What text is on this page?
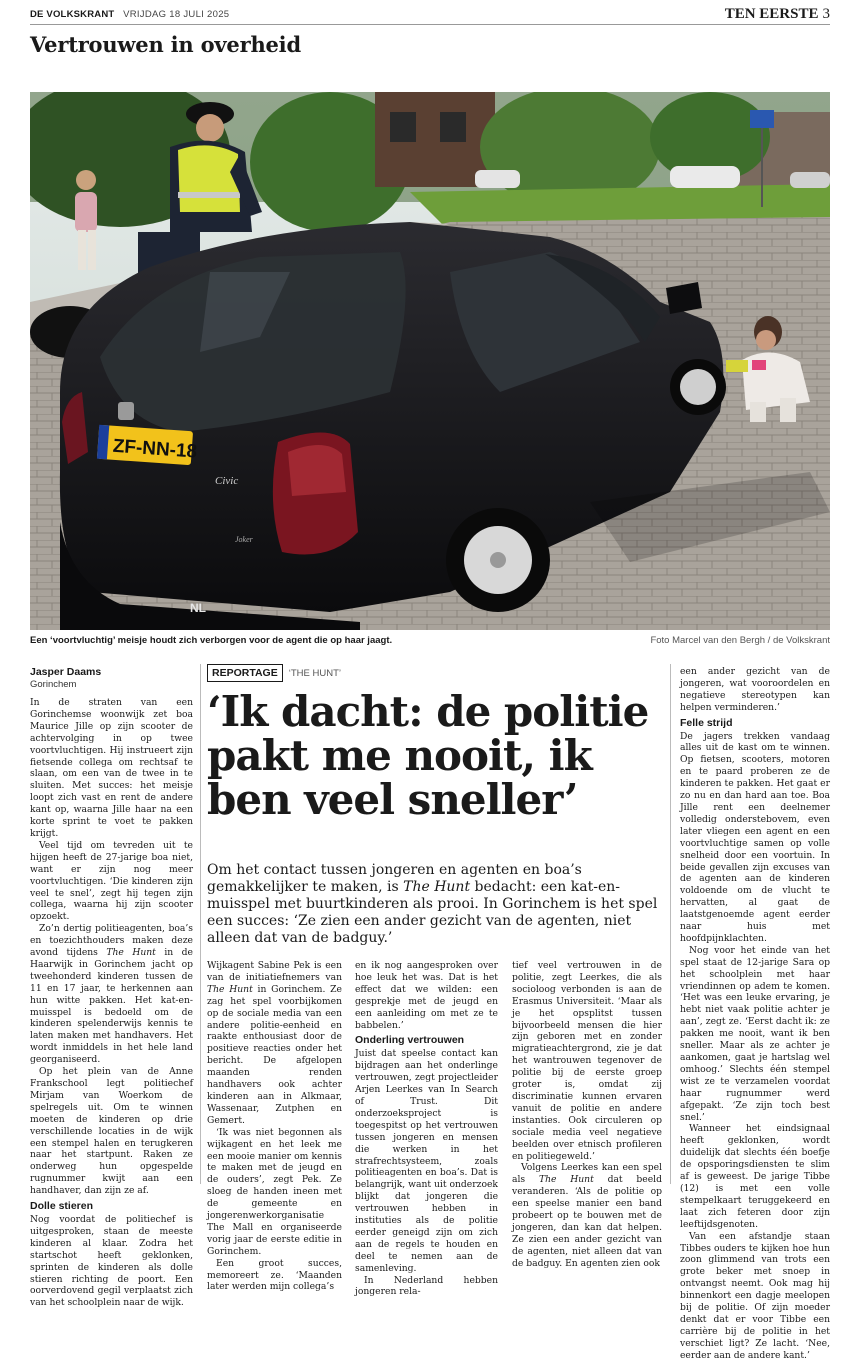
DE VOLKSKRANT VRIJDAG 18 JULI 2025	TEN EERSTE 3
Vertrouwen in overheid
ZF-NN-18
Civic
Joker
NL
Een ‘voortvluchtig’ meisje houdt zich verborgen voor de agent die op haar jaagt.	Foto Marcel van den Bergh / de Volkskrant
Jasper Daams
Gorinchem

In de straten van een Gorinchemse woonwijk zet boa Maurice Jille op zijn scooter de achtervolging in op twee voortvluchtigen. Hij instrueert zijn fietsende collega om rechtsaf te slaan, om een van de twee in te sluiten. Met succes: het meisje loopt zich vast en rent de andere kant op, waarna Jille haar na een korte sprint te voet te pakken krijgt.

Veel tijd om tevreden uit te hijgen heeft de 27-jarige boa niet, want er zijn nog meer voortvluchtigen. ‘Die kinderen zijn veel te snel’, zegt hij tegen zijn collega, waarna hij zijn scooter opzoekt.

Zo’n dertig politieagenten, boa’s en toezichthouders maken deze avond tijdens The Hunt in de Haarwijk in Gorinchem jacht op tweehonderd kinderen tussen de 11 en 17 jaar, te herkennen aan hun witte pakken. Het kat-en-muisspel is bedoeld om de kinderen spelenderwijs kennis te laten maken met handhavers. Het wordt inmiddels in het hele land georganiseerd.

Op het plein van de Anne Frankschool legt politiechef Mirjam van Woerkom de spelregels uit. Om te winnen moeten de kinderen op drie verschillende locaties in de wijk een stempel halen en terugkeren naar het startpunt. Raken ze onderweg hun opgespelde rugnummer kwijt aan een handhaver, dan zijn ze af.

Dolle stieren

Nog voordat de politiechef is uitgesproken, staan de meeste kinderen al klaar. Zodra het startschot heeft geklonken, sprinten de kinderen als dolle stieren richting de poort. Een oorverdovend gegil verplaatst zich van het schoolplein naar de wijk.

REPORTAGE	‘THE HUNT’
‘Ik dacht: de politie pakt me nooit, ik ben veel sneller’
Om het contact tussen jongeren en agenten en boa’s gemakkelijker te maken, is The Hunt bedacht: een kat-en-muisspel met buurtkinderen als prooi. In Gorinchem is het spel een succes: ‘Ze zien een ander gezicht van de agenten, niet alleen dat van de badguy.’

Wijkagent Sabine Pek is een van de initiatiefnemers van The Hunt in Gorinchem. Ze zag het spel voorbijkomen op de sociale media van een andere politie-eenheid en raakte enthousiast door de positieve reacties onder het bericht. De afgelopen maanden renden handhavers ook achter kinderen aan in Alkmaar, Wassenaar, Zutphen en Gemert.

‘Ik was niet begonnen als wijkagent en het leek me een mooie manier om kennis te maken met de jeugd en de ouders’, zegt Pek. Ze sloeg de handen ineen met de gemeente en jongerenwerkorganisatie The Mall en organiseerde vorig jaar de eerste editie in Gorinchem.

Een groot succes, memoreert ze. ‘Maanden later werden mijn collega’s

en ik nog aangesproken over hoe leuk het was. Dat is het effect dat we wilden: een gesprekje met de jeugd en een aanleiding om met ze te babbelen.’

Onderling vertrouwen

Juist dat speelse contact kan bijdragen aan het onderlinge vertrouwen, zegt projectleider Arjen Leerkes van In Search of Trust. Dit onderzoeksproject is toegespitst op het vertrouwen tussen jongeren en mensen die werken in het strafrechtsysteem, zoals politieagenten en boa’s. Dat is belangrijk, want uit onderzoek blijkt dat jongeren die vertrouwen hebben in instituties als de politie eerder geneigd zijn om zich aan de regels te houden en deel te nemen aan de samenleving.

In Nederland hebben jongeren rela-

tief veel vertrouwen in de politie, zegt Leerkes, die als socioloog verbonden is aan de Erasmus Universiteit. ‘Maar als je het opsplitst tussen bijvoorbeeld mensen die hier zijn geboren met en zonder migratieachtergrond, zie je dat het wantrouwen tegenover de politie bij de eerste groep groter is, omdat zij discriminatie kunnen ervaren vanuit de politie en andere instanties. Ook circuleren op sociale media veel negatieve beelden over etnisch profileren en politiegeweld.’

Volgens Leerkes kan een spel als The Hunt dat beeld veranderen. ‘Als de politie op een speelse manier een band probeert op te bouwen met de jongeren, dan kan dat helpen. Ze zien een ander gezicht van de agenten, niet alleen dat van de badguy. En agenten zien ook

een ander gezicht van de jongeren, wat vooroordelen en negatieve stereotypen kan helpen verminderen.’

Felle strijd

De jagers trekken vandaag alles uit de kast om te winnen. Op fietsen, scooters, motoren en te paard proberen ze de kinderen te pakken. Het gaat er zo nu en dan hard aan toe. Boa Jille rent een deelnemer volledig onderstebovem, even later vliegen een agent en een voortvluchtige samen op volle snelheid door een voortuin. In beide gevallen zijn excuses van de agenten aan de kinderen voldoende om de vlucht te hervatten, al gaat de laatstgenoemde agent eerder naar huis met hoofdpijnklachten.

Nog voor het einde van het spel staat de 12-jarige Sara op het schoolplein met haar vriendinnen op adem te komen. ‘Het was een leuke ervaring, je hebt niet vaak politie achter je aan’, zegt ze. ‘Eerst dacht ik: ze pakken me nooit, want ik ben sneller. Maar als ze achter je aankomen, gaat je hartslag wel omhoog.’ Slechts één stempel wist ze te verzamelen voordat haar rugnummer werd afgepakt. ‘Ze zijn toch best snel.’

Wanneer het eindsignaal heeft geklonken, wordt duidelijk dat slechts één boefje de opsporingsdiensten te slim af is geweest. De jarige Tibbe (12) is met een volle stempelkaart teruggekeerd en laat zich feteren door zijn leeftijdsgenoten.

Van een afstandje staan Tibbes ouders te kijken hoe hun zoon glimmend van trots een grote beker met snoep in ontvangst neemt. Ook mag hij binnenkort een dagje meelopen bij de politie. Of zijn moeder denkt dat er voor Tibbe een carrière bij de politie in het verschiet ligt? Ze lacht. ‘Nee, eerder aan de andere kant.’
